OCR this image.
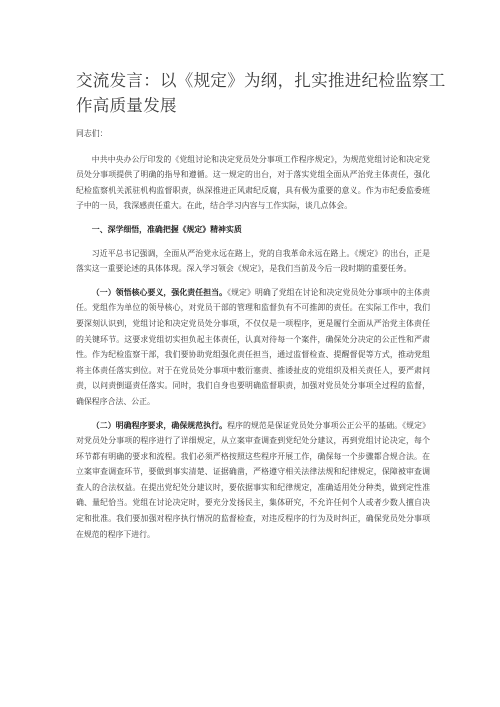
交流发言：以《规定》为纲，扎实推进纪检监察工作高质量发展

同志们：

中共中央办公厅印发的《党组讨论和决定党员处分事项工作程序规定》，为规范党组讨论和决定党员处分事项提供了明确的指导和遵循。这一规定的出台，对于落实党组全面从严治党主体责任，强化纪检监察机关派驻机构监督职责，纵深推进正风肃纪反腐，具有极为重要的意义。作为市纪委监委班子中的一员，我深感责任重大。在此，结合学习内容与工作实际，谈几点体会。

一、深学细悟，准确把握《规定》精神实质

习近平总书记强调，全面从严治党永远在路上，党的自我革命永远在路上。《规定》的出台，正是落实这一重要论述的具体体现。深入学习领会《规定》，是我们当前及今后一段时期的重要任务。

（一）领悟核心要义，强化责任担当。《规定》明确了党组在讨论和决定党员处分事项中的主体责任。党组作为单位的领导核心，对党员干部的管理和监督负有不可推卸的责任。在实际工作中，我们要深刻认识到，党组讨论和决定党员处分事项，不仅仅是一项程序，更是履行全面从严治党主体责任的关键环节。这要求党组切实担负起主体责任，认真对待每一个案件，确保处分决定的公正性和严肃性。作为纪检监察干部，我们要协助党组强化责任担当，通过监督检查、提醒督促等方式，推动党组将主体责任落实到位。对于在党员处分事项中敷衍塞责、推诿扯皮的党组织及相关责任人，要严肃问责，以问责倒逼责任落实。同时，我们自身也要明确监督职责，加强对党员处分事项全过程的监督，确保程序合法、公正。

（二）明确程序要求，确保规范执行。程序的规范是保证党员处分事项公正公平的基础。《规定》对党员处分事项的程序进行了详细规定，从立案审查调查到党纪处分建议，再到党组讨论决定，每个环节都有明确的要求和流程。我们必须严格按照这些程序开展工作，确保每一个步骤都合规合法。在立案审查调查环节，要做到事实清楚、证据确凿，严格遵守相关法律法规和纪律规定，保障被审查调查人的合法权益。在提出党纪处分建议时，要依据事实和纪律规定，准确适用处分种类，做到定性准确、量纪恰当。党组在讨论决定时，要充分发扬民主，集体研究，不允许任何个人或者少数人擅自决定和批准。我们要加强对程序执行情况的监督检查，对违反程序的行为及时纠正，确保党员处分事项在规范的程序下进行。
